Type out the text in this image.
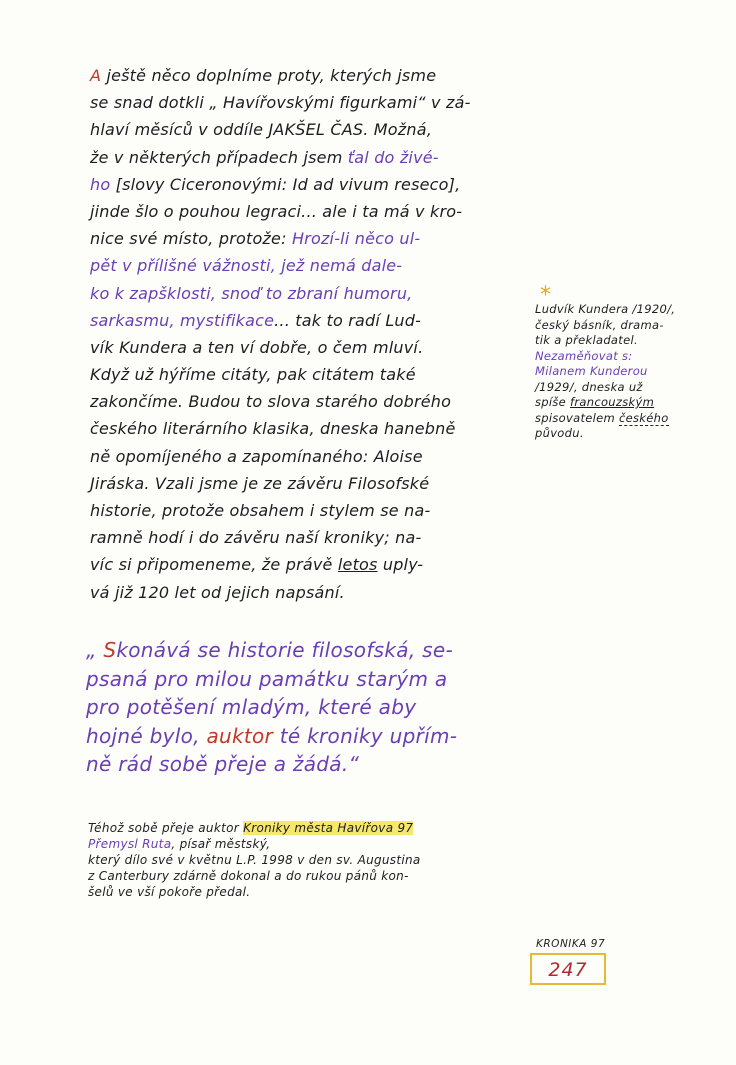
A ještě něco doplníme proty, kterých jsme
se snad dotkli „ Havířovskými figurkami“ v zá-
hlaví měsíců v oddíle JAKŠEL ČAS. Možná,
že v některých případech jsem ťal do živé-
ho [slovy Ciceronovými: Id ad vivum reseco],
jinde šlo o pouhou legraci... ale i ta má v kro-
nice své místo, protože: Hrozí-li něco ul-
pět v přílišné vážnosti, jež nemá dale-
ko k zapšklosti, snoď to zbraní humoru,
sarkasmu, mystifikace... tak to radí Lud-
vík Kundera a ten ví dobře, o čem mluví.
Když už hýříme citáty, pak citátem také
zakončíme. Budou to slova starého dobrého
českého literárního klasika, dneska hanebně
ně opomíjeného a zapomínaného: Aloise
Jiráska. Vzali jsme je ze závěru Filosofské
historie, protože obsahem i stylem se na-
ramně hodí i do závěru naší kroniky; na-
víc si připomeneme, že právě letos uply-
vá již 120 let od jejich napsání.
*
Ludvík Kundera /1920/,
český básník, drama-
tik a překladatel.
Nezaměňovat s:
Milanem Kunderou
/1929/, dneska už
spíše francouzským
spisovatelem českého
původu.
„ Skonává se historie filosofská, se-
psaná pro milou památku starým a
pro potěšení mladým, které aby
hojné bylo, auktor té kroniky upřím-
ně rád sobě přeje a žádá.“
Téhož sobě přeje auktor Kroniky města Havířova 97
Přemysl Ruta, písař městský,
který dílo své v květnu L.P. 1998 v den sv. Augustina
z Canterbury zdárně dokonal a do rukou pánů kon-
šelů ve vší pokoře předal.
KRONIKA 97
247
